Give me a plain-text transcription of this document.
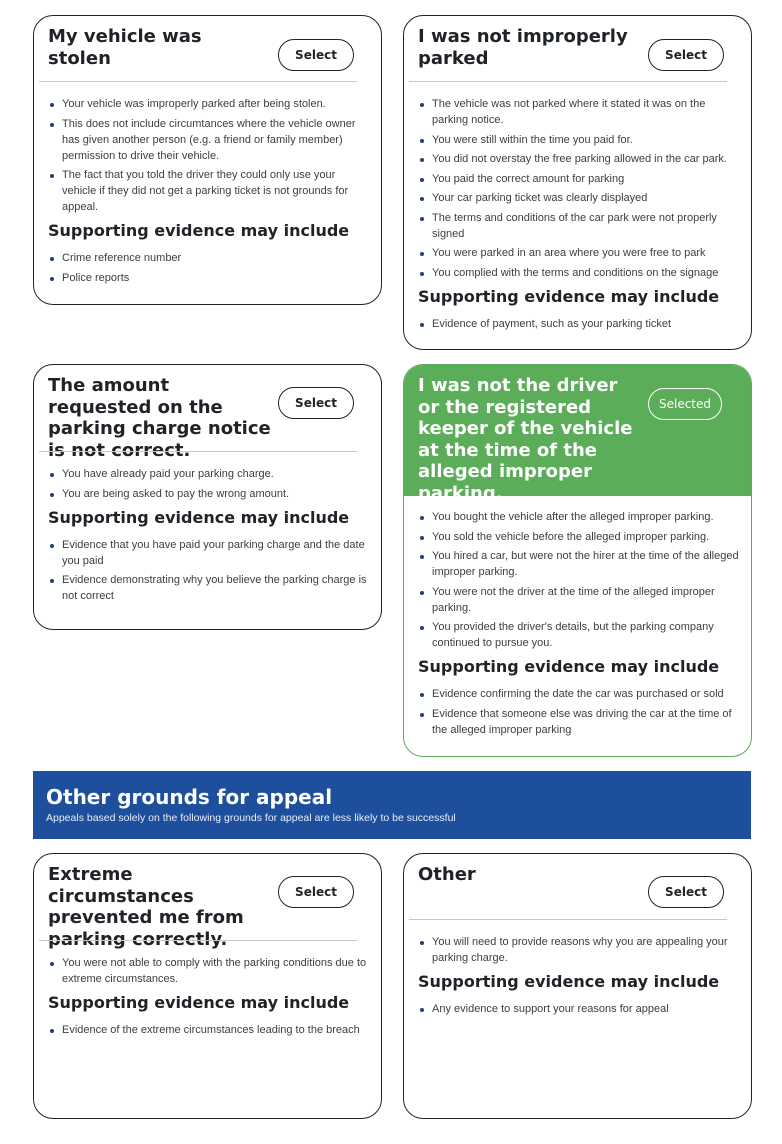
My vehicle was stolen	Select
Your vehicle was improperly parked after being stolen.
This does not include circumtances where the vehicle owner has given another person (e.g. a friend or family member) permission to drive their vehicle.
The fact that you told the driver they could only use your vehicle if they did not get a parking ticket is not grounds for appeal.
Supporting evidence may include
Crime reference number
Police reports
I was not improperly parked	Select
The vehicle was not parked where it stated it was on the parking notice.
You were still within the time you paid for.
You did not overstay the free parking allowed in the car park.
You paid the correct amount for parking
Your car parking ticket was clearly displayed
The terms and conditions of the car park were not properly signed
You were parked in an area where you were free to park
You complied with the terms and conditions on the signage
Supporting evidence may include
Evidence of payment, such as your parking ticket
The amount requested on the parking charge notice is not correct.
Select
You have already paid your parking charge.
You are being asked to pay the wrong amount.
Supporting evidence may include
Evidence that you have paid your parking charge and the date you paid
Evidence demonstrating why you believe the parking charge is not correct
I was not the driver or the registered keeper of the vehicle at the time of the alleged improper parking.
Selected
You bought the vehicle after the alleged improper parking.
You sold the vehicle before the alleged improper parking.
You hired a car, but were not the hirer at the time of the alleged improper parking.
You were not the driver at the time of the alleged improper parking.
You provided the driver's details, but the parking company continued to pursue you.
Supporting evidence may include
Evidence confirming the date the car was purchased or sold
Evidence that someone else was driving the car at the time of the alleged improper parking
Other grounds for appeal
Appeals based solely on the following grounds for appeal are less likely to be successful
Extreme circumstances prevented me from parking correctly.
Select
You were not able to comply with the parking conditions due to extreme circumstances.
Supporting evidence may include
Evidence of the extreme circumstances leading to the breach
Other
Select
You will need to provide reasons why you are appealing your parking charge.
Supporting evidence may include
Any evidence to support your reasons for appeal
